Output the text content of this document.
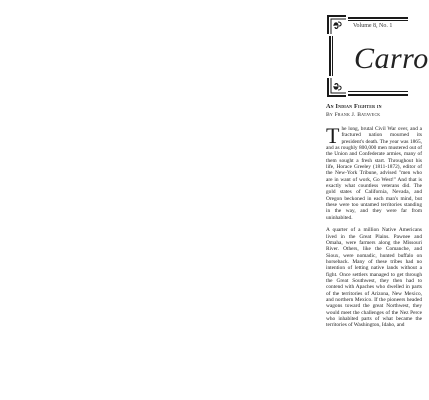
Volume 8, No. 1
Carro
An Indian Fighter in
By Frank J. Bataveck

The long, brutal Civil War over, and a fractured nation mourned its president's death. The year was 1865, and as roughly 800,000 men mustered out of the Union and Confederate armies, many of them sought a fresh start. Throughout his life, Horace Greeley (1811-1872), editor of the New-York Tribune, advised "men who are in want of work, Go West!" And that is exactly what countless veterans did. The gold states of California, Nevada, and Oregon beckoned in each man's mind, but these were too untamed territories standing in the way, and they were far from uninhabited.

A quarter of a million Native Americans lived in the Great Plains. Pawnee and Omaha, were farmers along the Missouri River. Others, like the Comanche, and Sioux, were nomadic, hunted buffalo on horseback. Many of these tribes had no intention of letting native lands without a fight. Once settlers managed to get through the Great Southwest, they then had to contend with Apaches who dwelled in parts of the territories of Arizona, New Mexico, and northern Mexico. If the pioneers headed wagons toward the great Northwest, they would meet the challenges of the Nez Perce who inhabited parts of what became the territories of Washington, Idaho, and
